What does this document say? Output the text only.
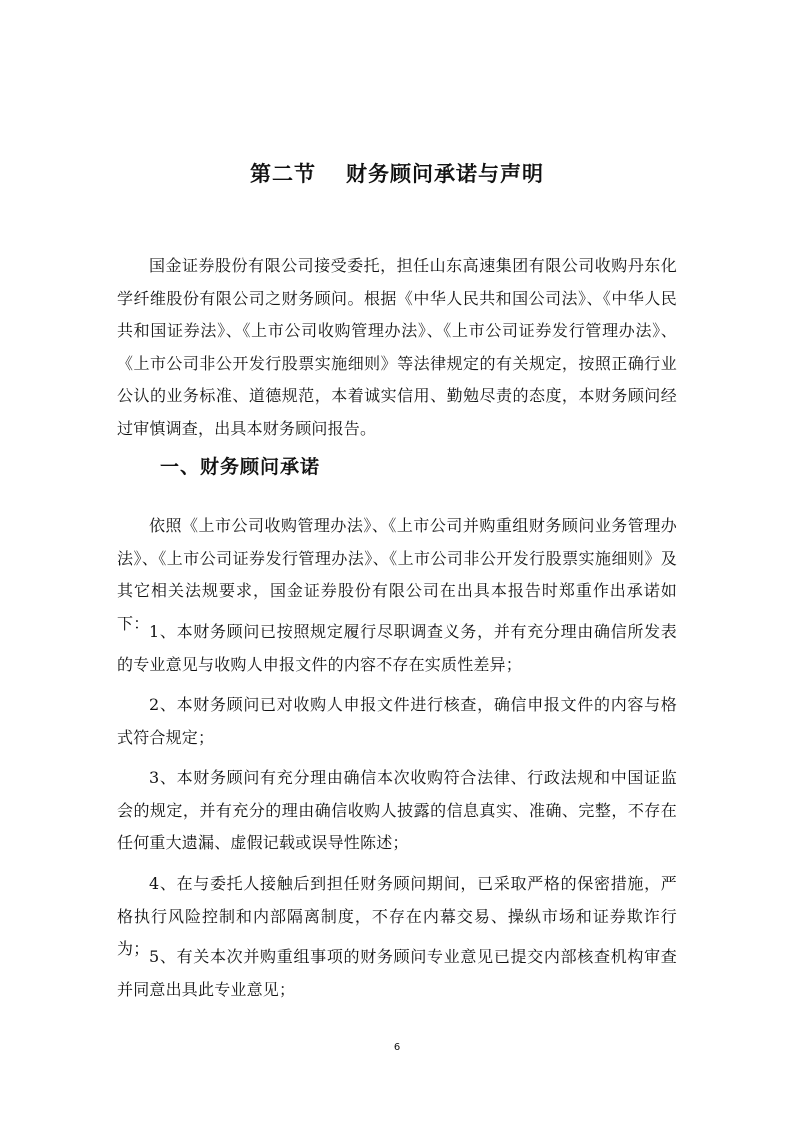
第二节 财务顾问承诺与声明

国金证券股份有限公司接受委托，担任山东高速集团有限公司收购丹东化学纤维股份有限公司之财务顾问。根据《中华人民共和国公司法》、《中华人民共和国证券法》、《上市公司收购管理办法》、《上市公司证券发行管理办法》、《上市公司非公开发行股票实施细则》等法律规定的有关规定，按照正确行业公认的业务标准、道德规范，本着诚实信用、勤勉尽责的态度，本财务顾问经过审慎调查，出具本财务顾问报告。

一、财务顾问承诺

依照《上市公司收购管理办法》、《上市公司并购重组财务顾问业务管理办法》、《上市公司证券发行管理办法》、《上市公司非公开发行股票实施细则》及其它相关法规要求，国金证券股份有限公司在出具本报告时郑重作出承诺如下： 1、本财务顾问已按照规定履行尽职调查义务，并有充分理由确信所发表的专业意见与收购人申报文件的内容不存在实质性差异；

2、本财务顾问已对收购人申报文件进行核查，确信申报文件的内容与格式符合规定；

3、本财务顾问有充分理由确信本次收购符合法律、行政法规和中国证监会的规定，并有充分的理由确信收购人披露的信息真实、准确、完整，不存在任何重大遗漏、虚假记载或误导性陈述；

4、在与委托人接触后到担任财务顾问期间，已采取严格的保密措施，严格执行风险控制和内部隔离制度，不存在内幕交易、操纵市场和证券欺诈行为； 5、有关本次并购重组事项的财务顾问专业意见已提交内部核查机构审查并同意出具此专业意见；

6
